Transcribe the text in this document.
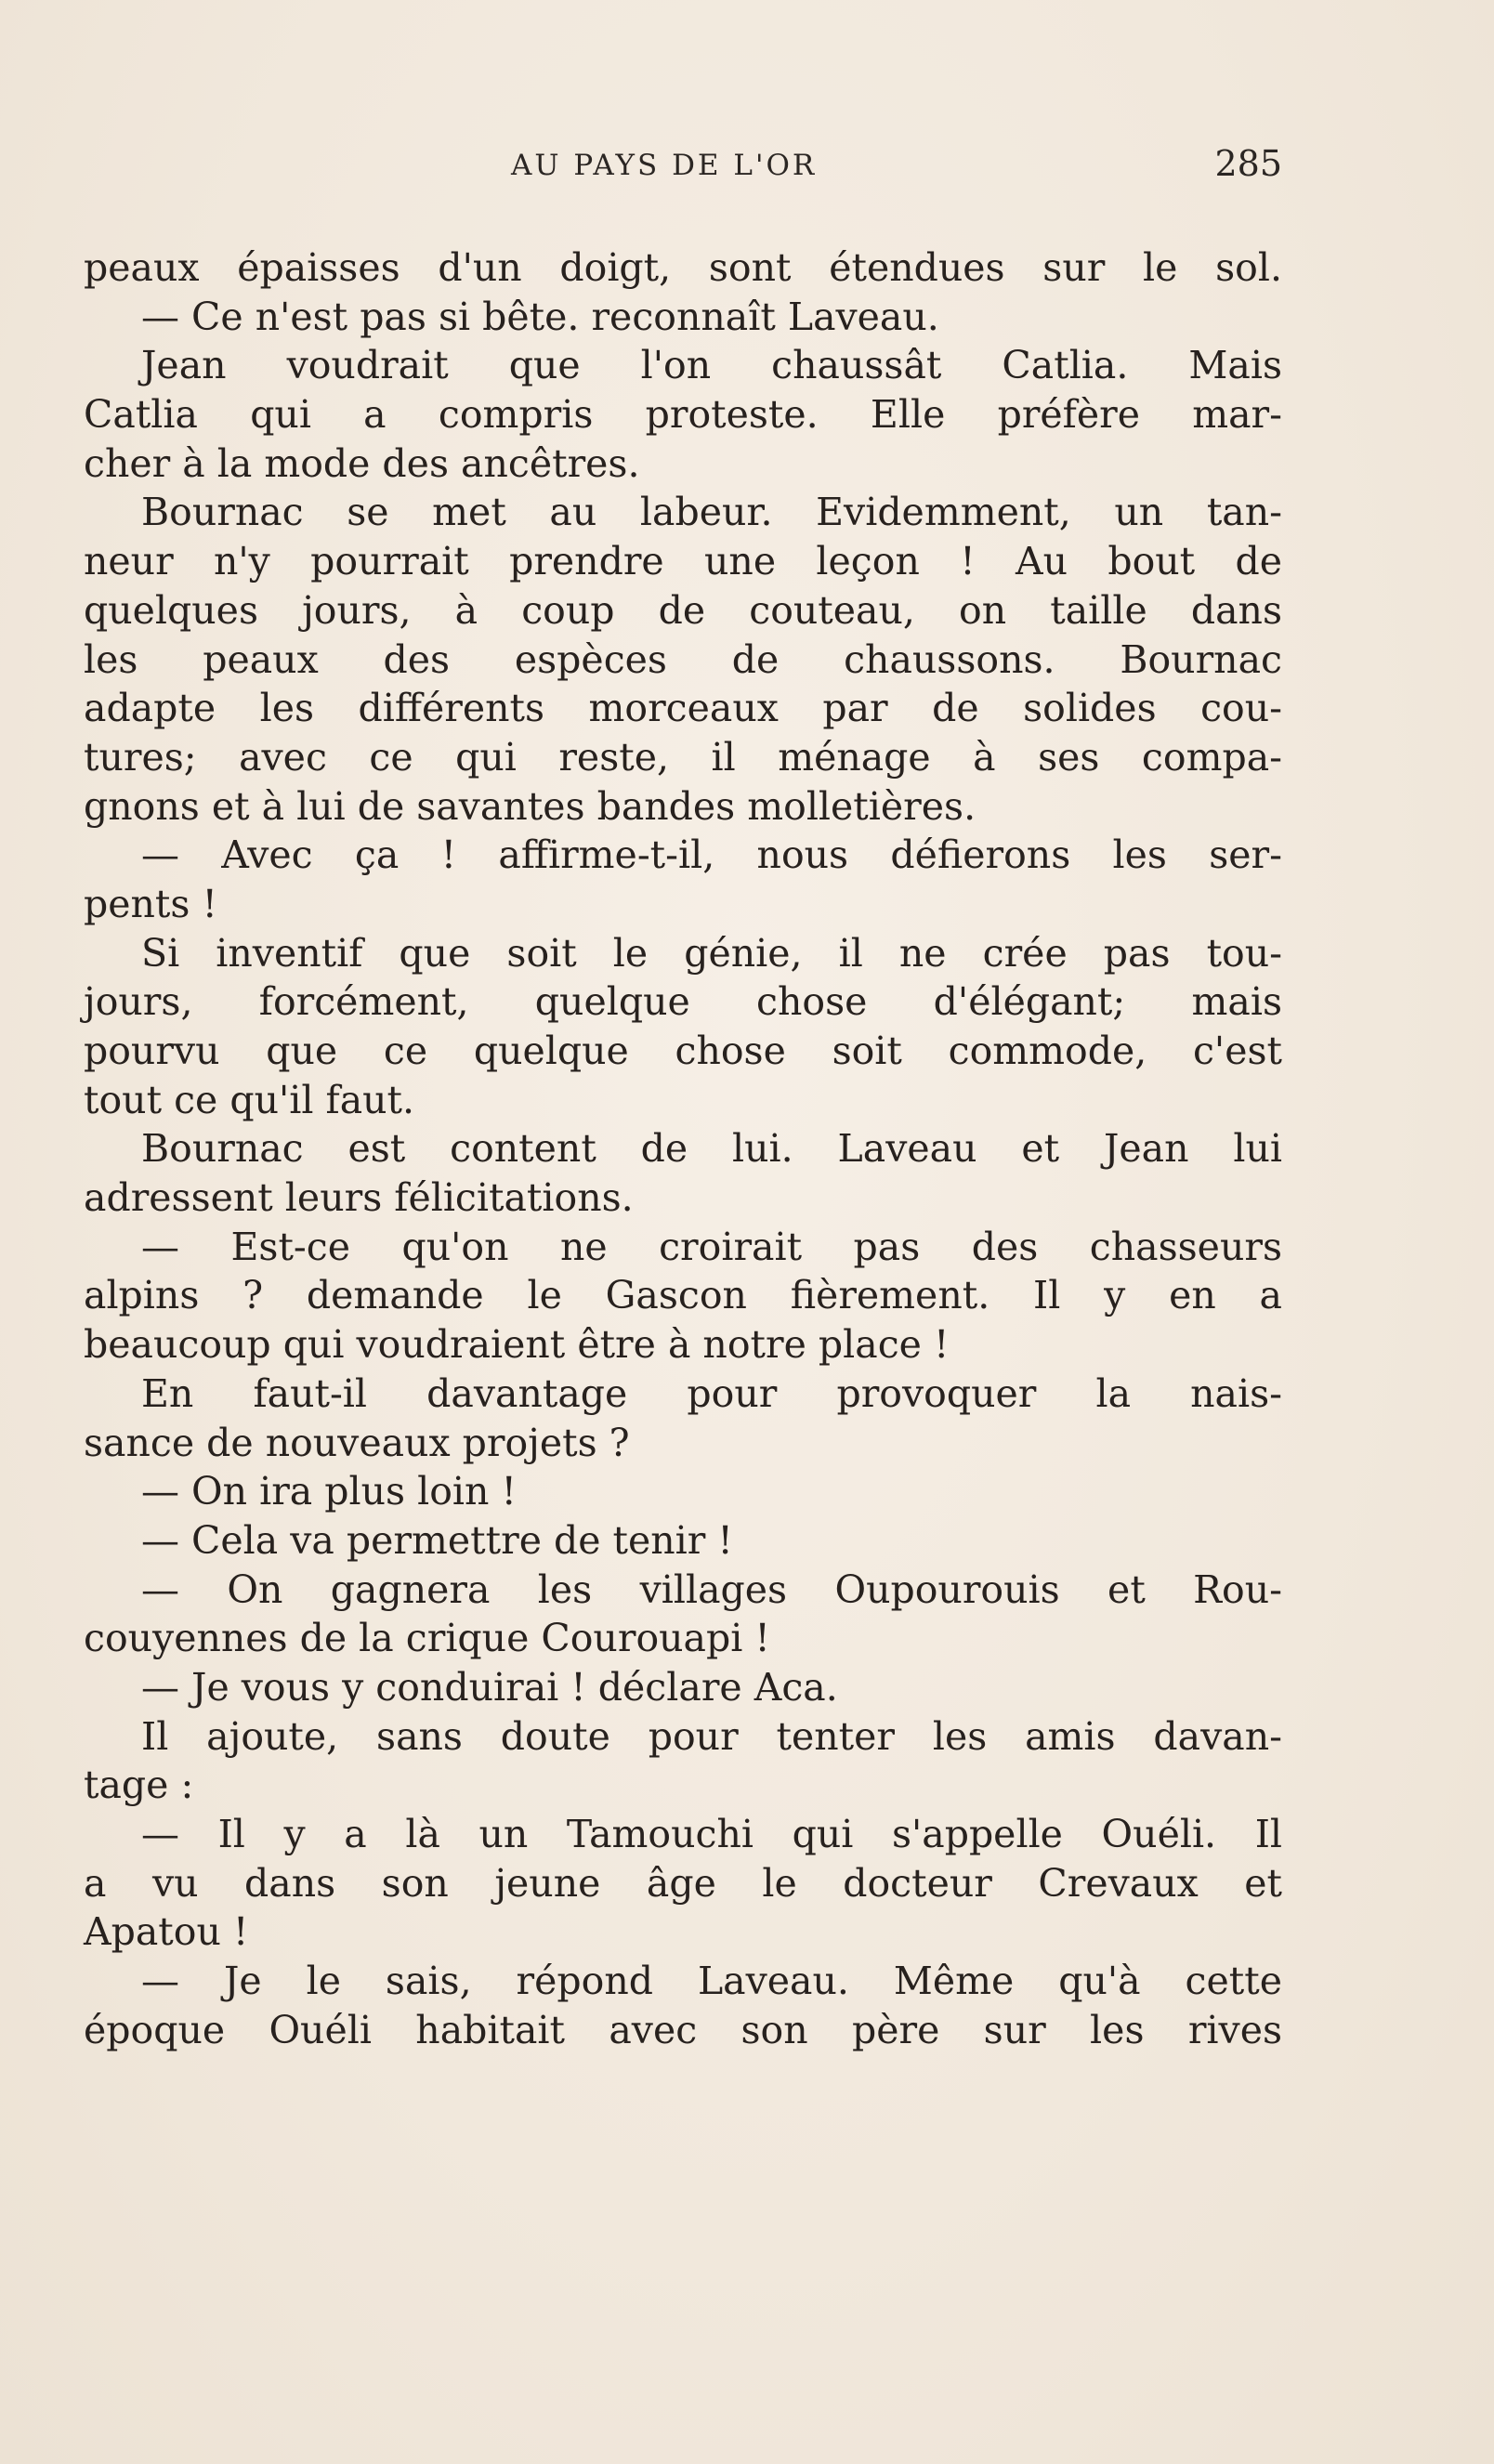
AU PAYS DE L'OR	285
peaux épaisses d'un doigt, sont étendues sur le sol.
— Ce n'est pas si bête. reconnaît Laveau.
Jean voudrait que l'on chaussât Catlia. Mais
Catlia qui a compris proteste. Elle préfère mar-
cher à la mode des ancêtres.
Bournac se met au labeur. Evidemment, un tan-
neur n'y pourrait prendre une leçon ! Au bout de
quelques jours, à coup de couteau, on taille dans
les peaux des espèces de chaussons. Bournac
adapte les différents morceaux par de solides cou-
tures; avec ce qui reste, il ménage à ses compa-
gnons et à lui de savantes bandes molletières.
— Avec ça ! affirme-t-il, nous défierons les ser-
pents !
Si inventif que soit le génie, il ne crée pas tou-
jours, forcément, quelque chose d'élégant; mais
pourvu que ce quelque chose soit commode, c'est
tout ce qu'il faut.
Bournac est content de lui. Laveau et Jean lui
adressent leurs félicitations.
— Est-ce qu'on ne croirait pas des chasseurs
alpins ? demande le Gascon fièrement. Il y en a
beaucoup qui voudraient être à notre place !
En faut-il davantage pour provoquer la nais-
sance de nouveaux projets ?
— On ira plus loin !
— Cela va permettre de tenir !
— On gagnera les villages Oupourouis et Rou-
couyennes de la crique Courouapi !
— Je vous y conduirai ! déclare Aca.
Il ajoute, sans doute pour tenter les amis davan-
tage :
— Il y a là un Tamouchi qui s'appelle Ouéli. Il
a vu dans son jeune âge le docteur Crevaux et
Apatou !
— Je le sais, répond Laveau. Même qu'à cette
époque Ouéli habitait avec son père sur les rives
